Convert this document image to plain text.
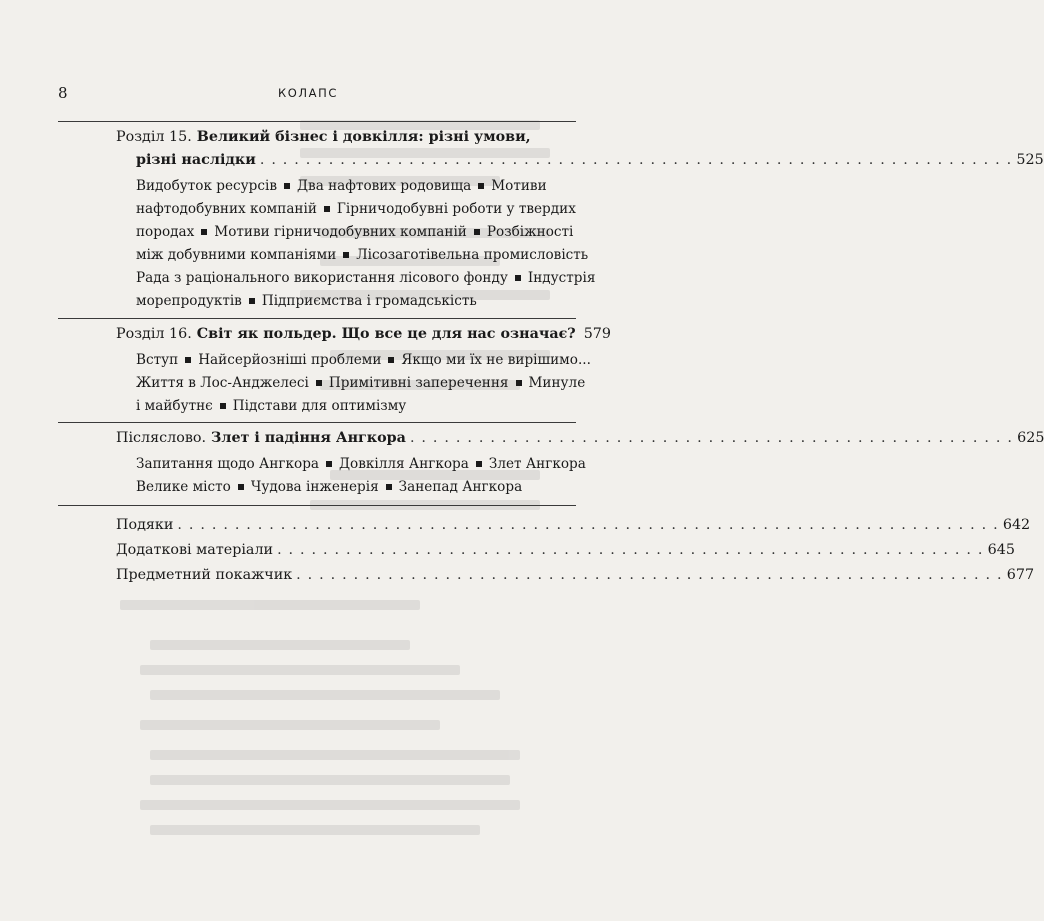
8	КОЛАПС
Розділ 15. Великий бізнес і довкілля: різні умови,
різні наслідки . . . . . . . . . . . . . . . . . . . . . . . . . . . . . . . . . . . . . . . . . . . . . . . . . . . . . . . . . . . . . . . . . . 525
Видобуток ресурсів Два нафтових родовища Мотиви
нафтодобувних компаній Гірничодобувні роботи у твердих
породах Мотиви гірничодобувних компаній Розбіжності
між добувними компаніями Лісозаготівельна промисловість
Рада з раціонального використання лісового фонду Індустрія
морепродуктів Підприємства і громадськість
Розділ 16. Світ як польдер. Що все це для нас означає? 579
Вступ Найсерйозніші проблеми Якщо ми їх не вирішимо...
Життя в Лос-Анджелесі Примітивні заперечення Минуле
і майбутнє Підстави для оптимізму
Післяслово. Злет і падіння Ангкора . . . . . . . . . . . . . . . . . . . . . . . . . . . . . . . . . . . . . . . . . . . . . . . . . . . . . 625
Запитання щодо Ангкора Довкілля Ангкора Злет Ангкора
Велике місто Чудова інженерія Занепад Ангкора
Подяки . . . . . . . . . . . . . . . . . . . . . . . . . . . . . . . . . . . . . . . . . . . . . . . . . . . . . . . . . . . . . . . . . . . . . . . . 642
Додаткові матеріали . . . . . . . . . . . . . . . . . . . . . . . . . . . . . . . . . . . . . . . . . . . . . . . . . . . . . . . . . . . . . . 645
Предметний покажчик . . . . . . . . . . . . . . . . . . . . . . . . . . . . . . . . . . . . . . . . . . . . . . . . . . . . . . . . . . . . . . 677
